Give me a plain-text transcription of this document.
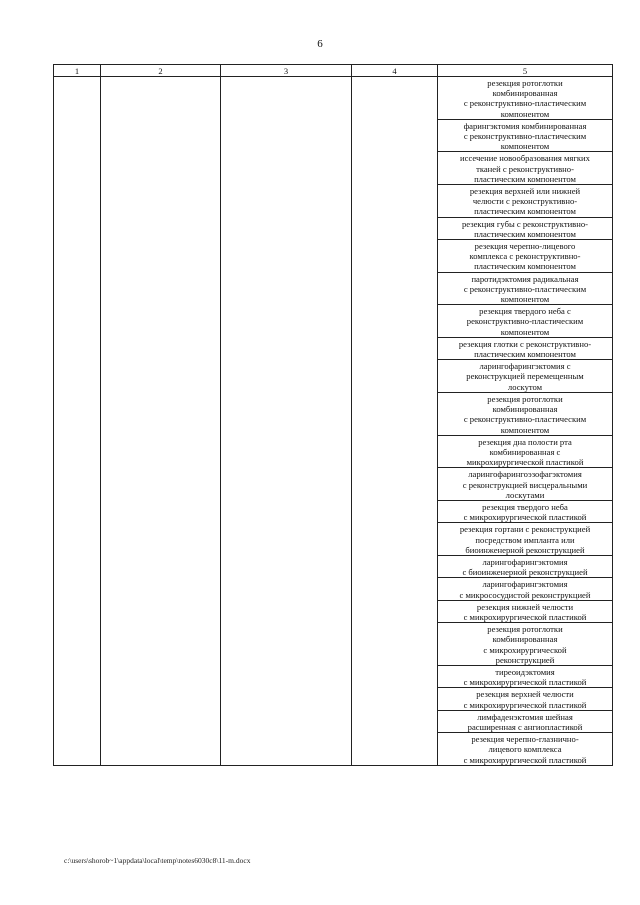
6
1	2	3	4	5

				резекция ротоглотки
комбинированная
с реконструктивно-пластическим
компонентом

				фарингэктомия комбинированная
с реконструктивно-пластическим
компонентом

				иссечение новообразования мягких
тканей с реконструктивно-
пластическим компонентом

				резекция верхней или нижней
челюсти с реконструктивно-
пластическим компонентом

				резекция губы с реконструктивно-
пластическим компонентом

				резекция черепно-лицевого
комплекса с реконструктивно-
пластическим компонентом

				паротидэктомия радикальная
с реконструктивно-пластическим
компонентом

				резекция твердого неба с
реконструктивно-пластическим
компонентом

				резекция глотки с реконструктивно-
пластическим компонентом

				ларингофарингэктомия с
реконструкцией перемещенным
лоскутом

				резекция ротоглотки
комбинированная
с реконструктивно-пластическим
компонентом

				резекция дна полости рта
комбинированная с
микрохирургической пластикой

				ларингофарингоэзофагэктомия
с реконструкцией висцеральными
лоскутами

				резекция твердого неба
с микрохирургической пластикой

				резекция гортани с реконструкцией
посредством импланта или
биоинженерной реконструкцией

				ларингофарингэктомия
с биоинженерной реконструкцией

				ларингофарингэктомия
с микрососудистой реконструкцией

				резекция нижней челюсти
с микрохирургической пластикой

				резекция ротоглотки
комбинированная
с микрохирургической
реконструкцией

				тиреоидэктомия
с микрохирургической пластикой

				резекция верхней челюсти
с микрохирургической пластикой

				лимфаденэктомия шейная
расширенная с ангиопластикой

				резекция черепно-глазнично-
лицевого комплекса
с микрохирургической пластикой
c:\users\shorob~1\appdata\local\temp\notes6030c8\11-m.docx
